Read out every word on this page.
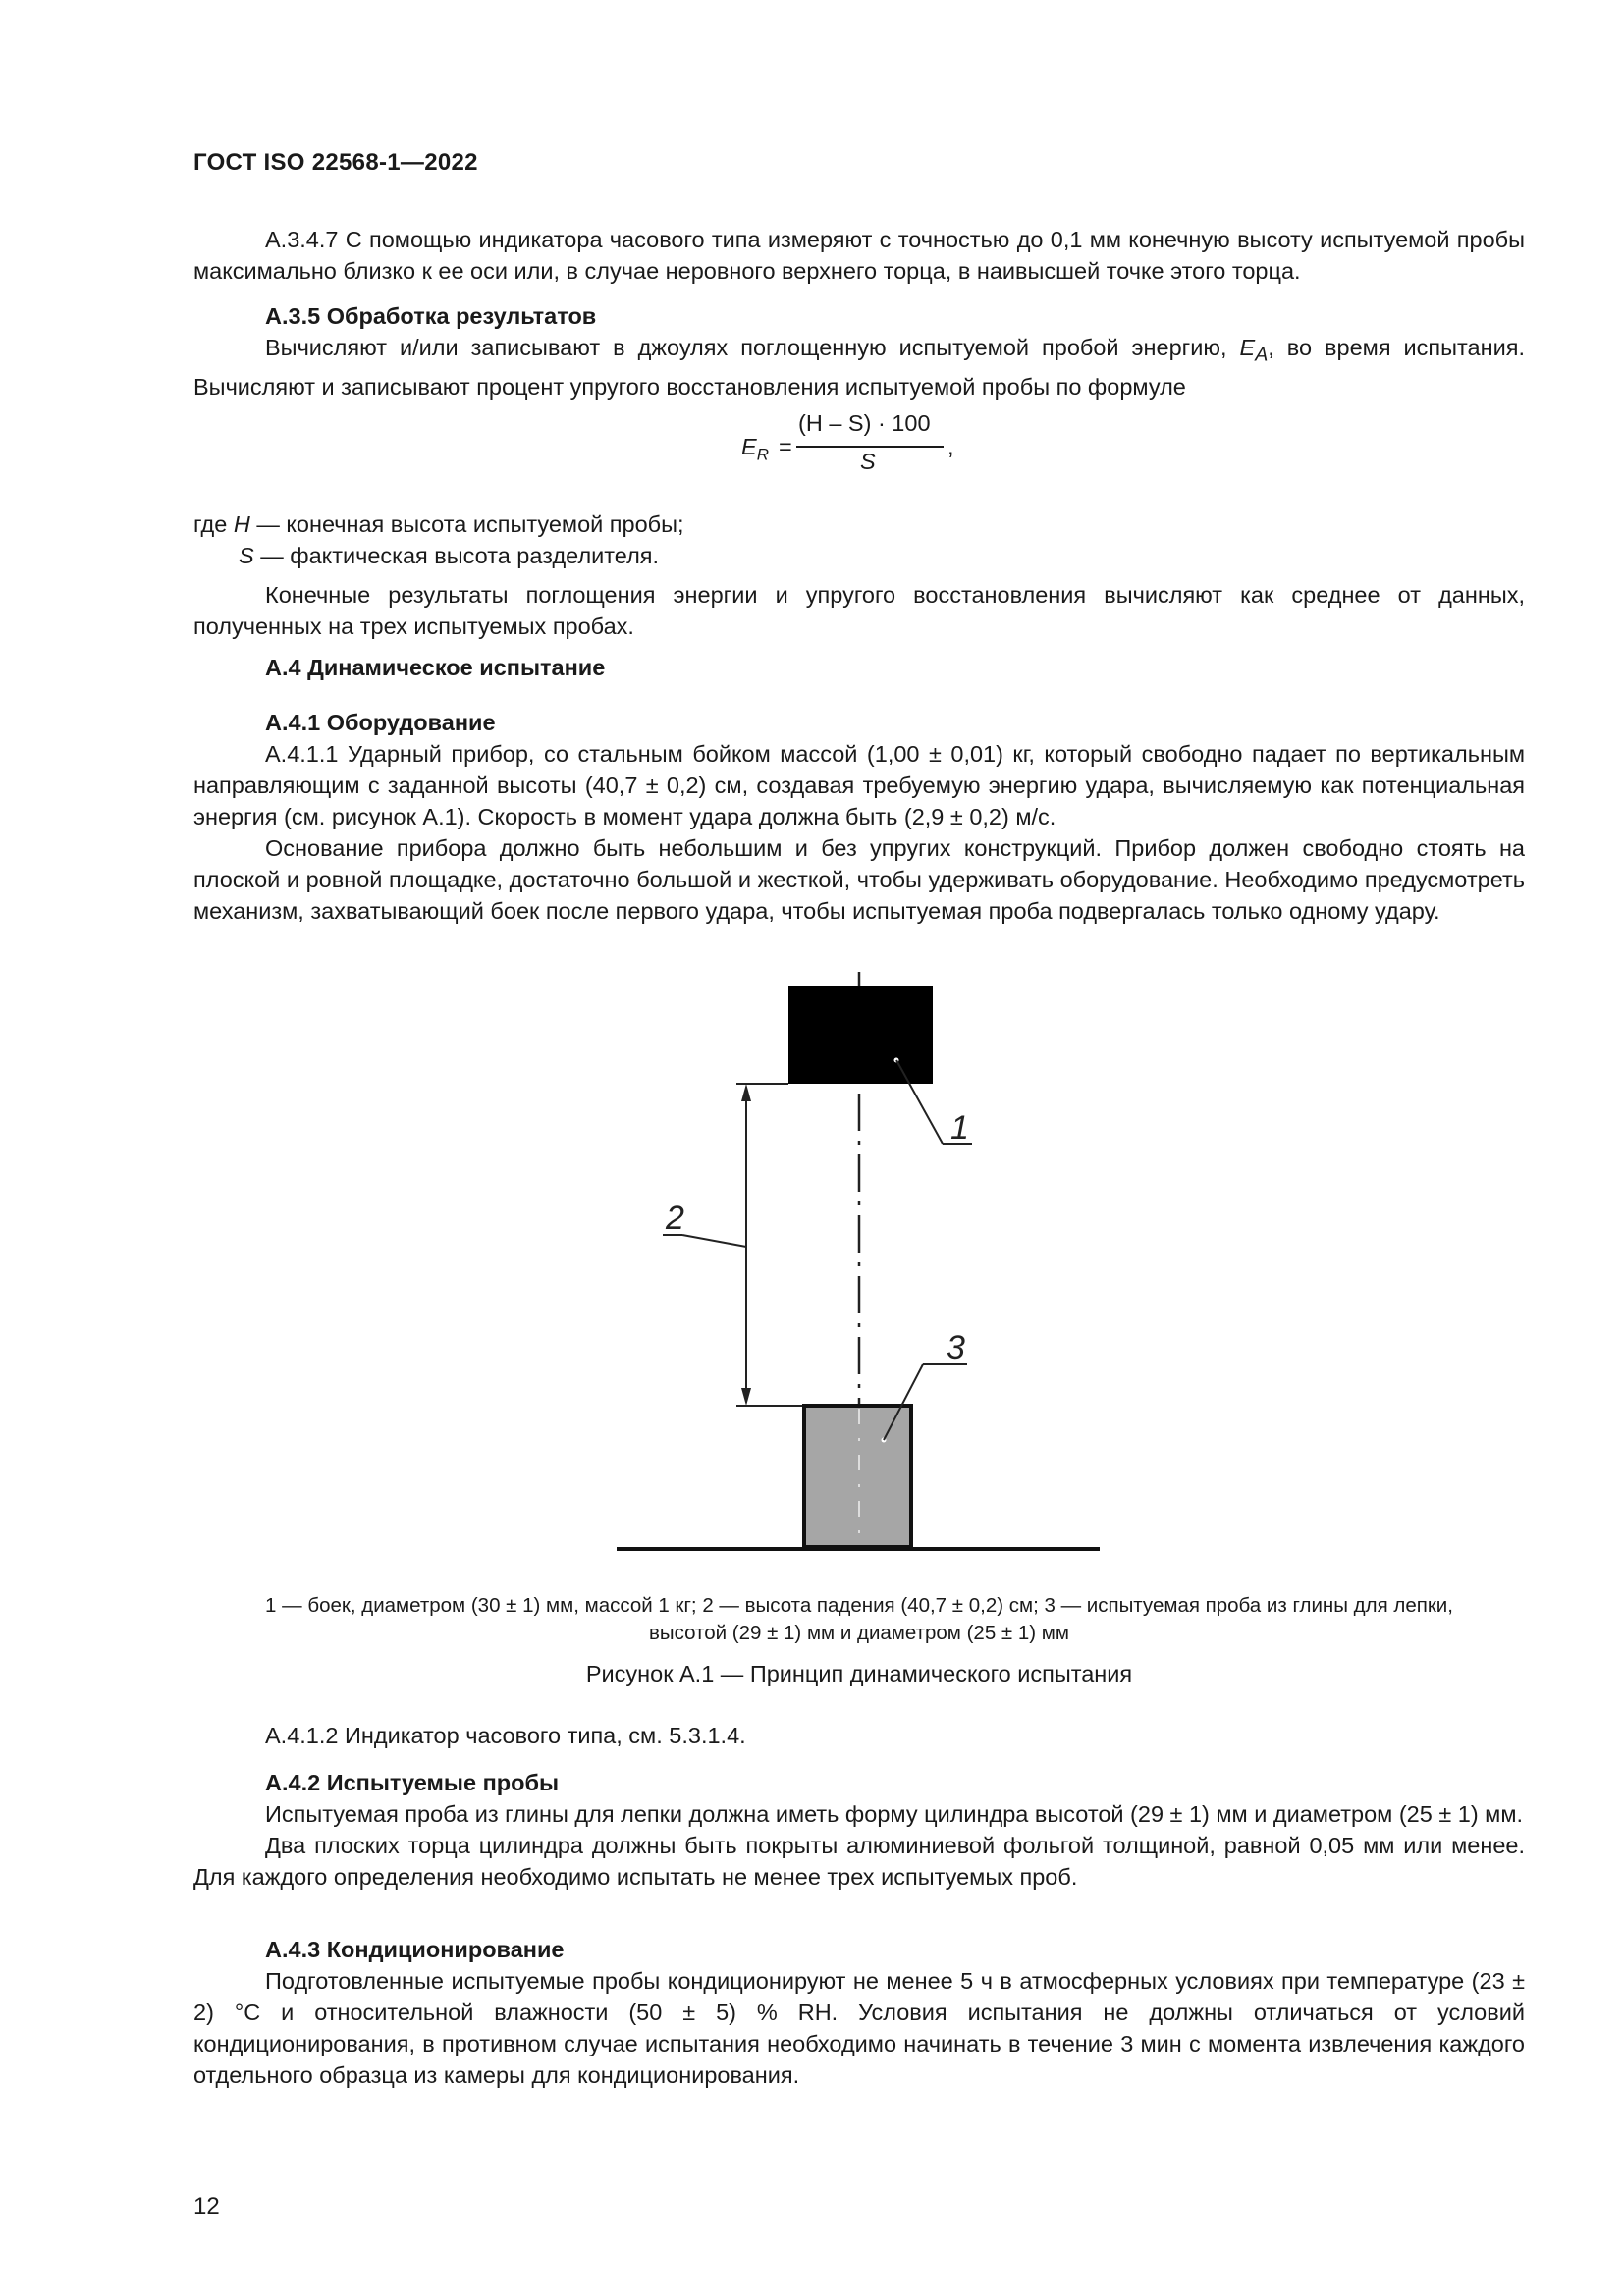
ГОСТ ISO 22568-1—2022

А.3.4.7 С помощью индикатора часового типа измеряют с точностью до 0,1 мм конечную высоту испытуемой пробы максимально близко к ее оси или, в случае неровного верхнего торца, в наивысшей точке этого торца.

А.3.5 Обработка результатов

Вычисляют и/или записывают в джоулях поглощенную испытуемой пробой энергию, $E_A$, во время испытания. Вычисляют и записывают процент упругого восстановления испытуемой пробы по формуле

$E_R$ =
(H – S) · 100
S
,
где H — конечная высота испытуемой пробы;
S — фактическая высота разделителя.

Конечные результаты поглощения энергии и упругого восстановления вычисляют как среднее от данных, полученных на трех испытуемых пробах.

А.4 Динамическое испытание

А.4.1 Оборудование

А.4.1.1 Ударный прибор, со стальным бойком массой (1,00 ± 0,01) кг, который свободно падает по вертикальным направляющим с заданной высоты (40,7 ± 0,2) см, создавая требуемую энергию удара, вычисляемую как потенциальная энергия (см. рисунок А.1). Скорость в момент удара должна быть (2,9 ± 0,2) м/с.

Основание прибора должно быть небольшим и без упругих конструкций. Прибор должен свободно стоять на плоской и ровной площадке, достаточно большой и жесткой, чтобы удерживать оборудование. Необходимо предусмотреть механизм, захватывающий боек после первого удара, чтобы испытуемая проба подвергалась только одному удару.

1
2
3
1 — боек, диаметром (30 ± 1) мм, массой 1 кг; 2 — высота падения (40,7 ± 0,2) см; 3 — испытуемая проба из глины для лепки,
высотой (29 ± 1) мм и диаметром (25 ± 1) мм
Рисунок А.1 — Принцип динамического испытания

А.4.1.2 Индикатор часового типа, см. 5.3.1.4.

А.4.2 Испытуемые пробы

Испытуемая проба из глины для лепки должна иметь форму цилиндра высотой (29 ± 1) мм и диаметром (25 ± 1) мм.

Два плоских торца цилиндра должны быть покрыты алюминиевой фольгой толщиной, равной 0,05 мм или менее. Для каждого определения необходимо испытать не менее трех испытуемых проб.

А.4.3 Кондиционирование

Подготовленные испытуемые пробы кондиционируют не менее 5 ч в атмосферных условиях при температуре (23 ± 2) °С и относительной влажности (50 ± 5) % RH. Условия испытания не должны отличаться от условий кондиционирования, в противном случае испытания необходимо начинать в течение 3 мин с момента извлечения каждого отдельного образца из камеры для кондиционирования.

12
